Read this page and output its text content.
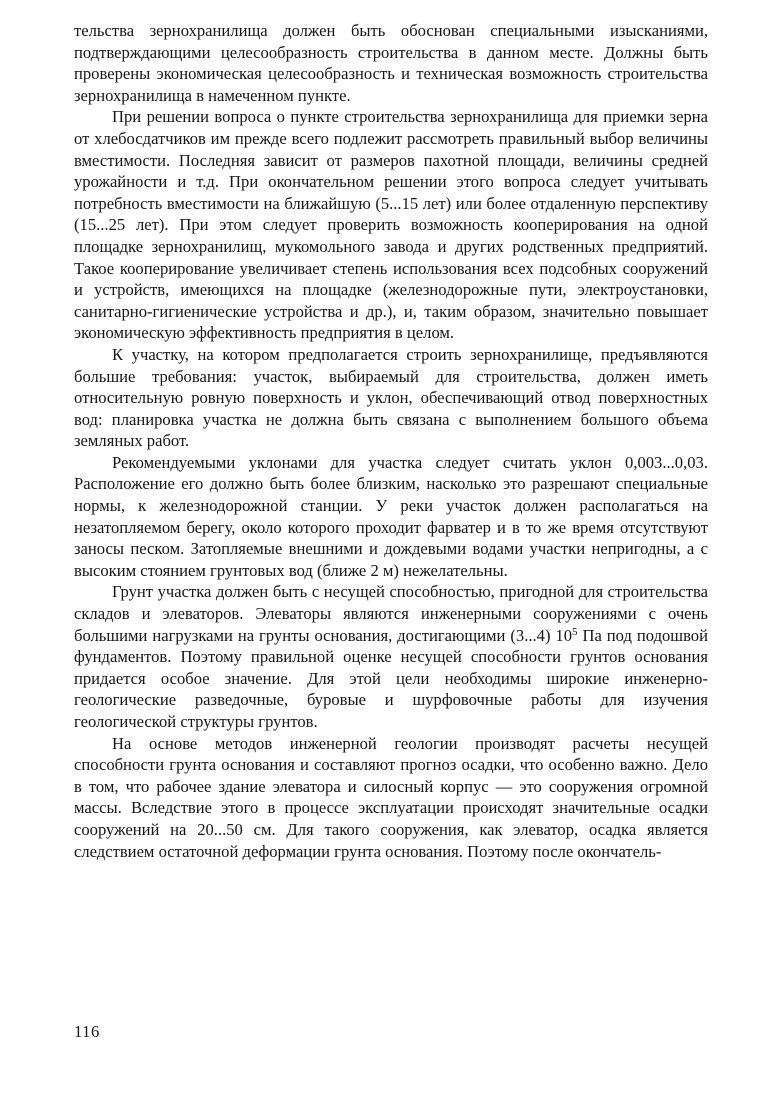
тельства зернохранилища должен быть обоснован специальными изысканиями, подтверждающими целесообразность строительства в данном месте. Должны быть проверены экономическая целесообразность и техническая возможность строительства зернохранилища в намеченном пункте.

При решении вопроса о пункте строительства зернохранилища для приемки зерна от хлебосдатчиков им прежде всего подлежит рассмотреть правильный выбор величины вместимости. Последняя зависит от размеров пахотной площади, величины средней урожайности и т.д. При окончательном решении этого вопроса следует учитывать потребность вместимости на ближайшую (5...15 лет) или более отдаленную перспективу (15...25 лет). При этом следует проверить возможность кооперирования на одной площадке зернохранилищ, мукомольного завода и других родственных предприятий. Такое кооперирование увеличивает степень использования всех подсобных сооружений и устройств, имеющихся на площадке (железнодорожные пути, электроустановки, санитарно-гигиенические устройства и др.), и, таким образом, значительно повышает экономическую эффективность предприятия в целом.

К участку, на котором предполагается строить зернохранилище, предъявляются большие требования: участок, выбираемый для строительства, должен иметь относительную ровную поверхность и уклон, обеспечивающий отвод поверхностных вод: планировка участка не должна быть связана с выполнением большого объема земляных работ.

Рекомендуемыми уклонами для участка следует считать уклон 0,003...0,03. Расположение его должно быть более близким, насколько это разрешают специальные нормы, к железнодорожной станции. У реки участок должен располагаться на незатопляемом берегу, около которого проходит фарватер и в то же время отсутствуют заносы песком. Затопляемые внешними и дождевыми водами участки непригодны, а с высоким стоянием грунтовых вод (ближе 2 м) нежелательны.

Грунт участка должен быть с несущей способностью, пригодной для строительства складов и элеваторов. Элеваторы являются инженерными сооружениями с очень большими нагрузками на грунты основания, достигающими (3...4) $10^5$ Па под подошвой фундаментов. Поэтому правильной оценке несущей способности грунтов основания придается особое значение. Для этой цели необходимы широкие инженерно-геологические разведочные, буровые и шурфовочные работы для изучения геологической структуры грунтов.

На основе методов инженерной геологии производят расчеты несущей способности грунта основания и составляют прогноз осадки, что особенно важно. Дело в том, что рабочее здание элеватора и силосный корпус — это сооружения огромной массы. Вследствие этого в процессе эксплуатации происходят значительные осадки сооружений на 20...50 см. Для такого сооружения, как элеватор, осадка является следствием остаточной деформации грунта основания. Поэтому после окончатель-

116
